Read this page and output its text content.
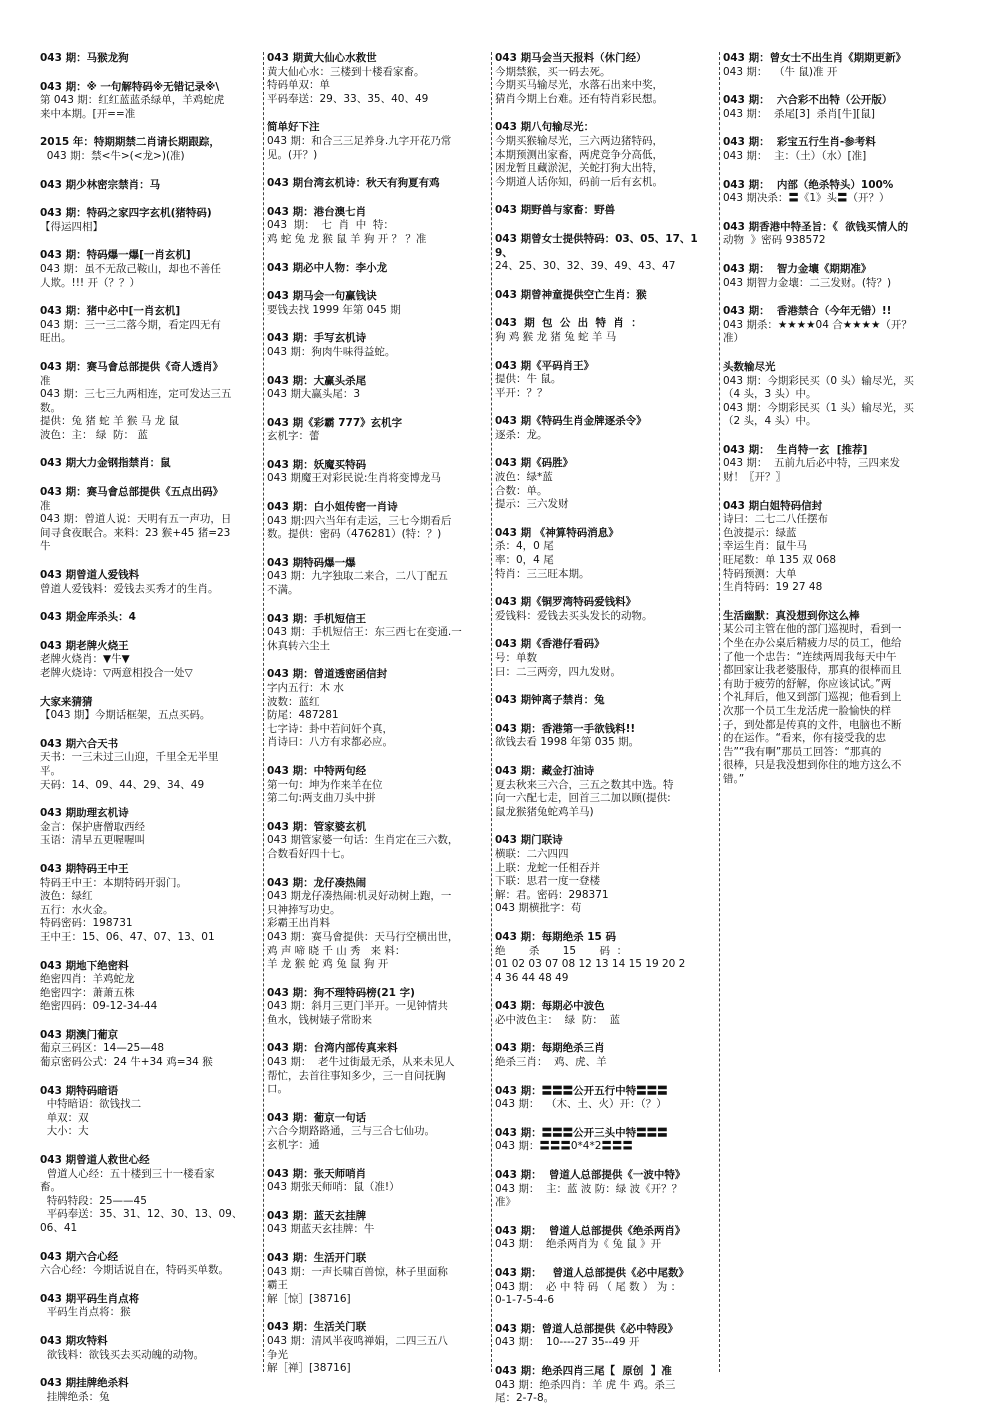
043 期：马猴龙狗
043 期：※ 一句解特码※无错记录※\
第 043 期：红红蓝蓝杀绿单，羊鸡蛇虎
来中本期。[开==准
2015 年：特期期禁二肖请长期跟踪，
043 期：禁<牛>(<龙>)(准)
043 期少林密宗禁肖：马
043 期：特码之家四字玄机(猪特码)
【得运四相】
043 期：特码爆一爆[一肖玄机]
043 期：虽不无敌己鞍山，却也不善任
人欺。!!! 开（？？）
043 期：猪中必中[一肖玄机]
043 期：三一三二落今期，看定四无有
旺出。
043 期：赛马會总部提供《奇人透肖》
准
043 期：三七三九两相连，定可发达三五
数。
提供：兔 猪 蛇 羊 猴 马 龙 鼠
波色：主： 绿  防： 蓝
043 期大力金钢指禁肖：鼠
043 期：赛马會总部提供《五点出码》
准
043 期：曾道人说：天明有五一声功，日
间寻食夜眠合。来料：23 猴+45 猪=23
牛
043 期曾道人爱钱料
曾道人爱钱料：爱钱去买秀才的生肖。
043 期金库杀头：4
043 期老牌火烧王
老牌火烧肖：▼牛▼
老牌火烧诗：▽两意相投合一处▽
大家来猜猜
【043 期】今期话框架，五点买码。
043 期六合天书
天书：一三未过三山迎，千里全无半里
平。
天码：14、09、44、29、34、49
043 期助理玄机诗
金言：保护唐僧取西经
玉语：清早五更喔喔叫
043 期特码王中王
特码王中王：本期特码开弱门。
波色：绿红
五行：水火金。
特码密码：198731
王中王：15、06、47、07、13、01
043 期地下绝密料
绝密四肖：羊鸡蛇龙
绝密四字：萧萧五株
绝密四码：09-12-34-44
043 期澳门葡京
葡京三码区：14—25—48
葡京密码公式：24 牛+34 鸡=34 猴
043 期特码暗语
中特暗语：欲钱找二
单双：双
大小：大
043 期曾道人救世心经
曾道人心经：五十楼到三十一楼看家
畜。
特码特段：25——45
平码奉送：35、31、12、30、13、09、
06、41
043 期六合心经
六合心经：今期话说自在，特码买单数。
043 期平码生肖点将
平码生肖点将：猴
043 期攻特料
欲钱料：欲钱买去买动魄的动物。
043 期挂牌绝杀料
挂牌绝杀：兔
043 期黄大仙心水救世
黄大仙心水：三楼到十楼看家畜。
特码单双：单
平码奉送：29、33、35、40、49
简单好下注
043 期：和合三三足养身.九字开花乃常
见。(开？)
043 期台湾玄机诗：秋天有狗夏有鸡
043 期：港台澳七肖
043  期：  七  肖  中  特：
鸡 蛇 兔 龙 猴 鼠 羊 狗 开 ？ ？准
043 期必中人物：李小龙
043 期马会一句赢钱诀
要钱去找 1999 年第 045 期
043 期：手写玄机诗
043 期：狗肉牛味得益蛇。
043 期：大赢头杀尾
043 期大赢头尾：3
043 期《彩霸 777》玄机字
玄机字：蕾
043 期：妖魔买特码
043 期魔王对彩民说:生肖将变博龙马
043 期：白小姐传密一肖诗
043 期:四六当年有走运，三七今期看后
数。提供：密码（476281）(特：？)
043 期特码爆一爆
043 期：九字独取二来合，二八丁配五
不满。
043 期：手机短信王
043 期：手机短信王：东三西七在变通.一
休真转六尘土
043 期：曾道透密函信封
字内五行：木 水
波数：蓝红
防尾：487281
七字诗：卦中若问奸个真，
肖诗曰：八方有求都必应。
043 期：中特两句经
第一句：坤为作来羊在位
第二句:两支曲刀头中拼
043 期：管家婆玄机
043 期管家婆一句话：生肖定在三六数，
合数看好四十七。
043 期：龙仔凑热闹
043 期龙仔凑热闹:机灵好动树上跑，一
只神捧写功史。
彩霸王出肖料
043 期：赛马會提供：天马行空横出世，
鸡 声 啼 晓 千 山 秀   来 料：
羊 龙 猴 蛇 鸡 兔 鼠 狗 开
043 期：狗不理特码榜(21 字)
043 期：斜月三更门半开。一见钟情共
鱼水，钱树婊子常盼来
043 期：台湾内部传真来料
043 期：  老牛过街最无杀，从来未见人
帮忙，去首往事知多少，三一自问抚胸
口。
043 期：葡京一句话
六合今期路路通，三与三合七仙功。
玄机字：通
043 期：张天师哨肖
043 期张天师哨：鼠（准!）
043 期：蓝天玄挂牌
043 期蓝天玄挂牌：牛
043 期：生活开门联
043 期：一声长啸百兽惊，林子里面称
霸王
解［惊］[38716]
043 期：生活关门联
043 期：清风半夜鸣禅娟，二四三五八
争光
解［禅］[38716]
043 期马会当天报料（休门经）
今期禁猴，买一码去死。
今期买马输尽光，水落石出来中奖，
猜肖今期上台难。还有特肖彩民想。
043 期八句输尽光：
今期买猴输尽光，三六两边猪特码，
本期预测出家畜，两虎竞争分高低，
困龙暂且藏淤泥，关蛇打狗大出特，
今期道人话你知，码前一后有玄机。
043 期野兽与家畜：野兽
043 期曾女士提供特码：03、05、17、19、
24、25、30、32、39、49、43、47
043 期曾神童提供空亡生肖：猴
043  期  包  公  出  特  肖  ：
狗 鸡 猴 龙 猪 兔 蛇 羊 马
043 期《平码肖王》
提供：牛 鼠。
平开：？？
043 期《特码生肖金牌逐杀令》
逐杀：龙。
043 期《码胜》
波色：绿*蓝
合数：单。
提示：三六发财
043 期 《神算特码消息》
杀：4，0 尾
率：0，4 尾
特肖：三三旺本期。
043 期《铜罗湾特码爱钱料》
爱钱料：爱钱去买头发长的动物。
043 期《香港仔看码》
号：单数
曰：二三两旁，四九发财。
043 期钟离子禁肖：兔
043 期：香港第一手欲钱料!!
欲钱去看 1998 年第 035 期。
043 期：藏金打油诗
夏去秋来三六合，三五之数其中选。特
向一六配七走，回首三二加以顾(提供:
鼠龙猴猪兔蛇鸡羊马)
043 期门联诗
横联：二六四四
上联：龙蛇一任相吞并
下联：思君一度一登楼
解：君。密码：298371
043 期横批字：苟
043 期：每期绝杀 15 码
绝       杀       15       码  ：
01 02 03 07 08 12 13 14 15 19 20 2
4 36 44 48 49
043 期：每期必中波色
必中波色主：  绿  防：  蓝
043 期：每期绝杀三肖
绝杀三肖：  鸡、虎、羊
043 期：〓〓〓公开五行中特〓〓〓
043 期：  （木、土、火）开：（？）
043 期：〓〓〓公开三头中特〓〓〓
043 期：〓〓〓0*4*2〓〓〓
043 期：  曾道人总部提供《一波中特》
043 期：  主：蓝 波 防：绿 波《开？？
准》
043 期：  曾道人总部提供《绝杀两肖》
043 期：  绝杀两肖为《 兔 鼠 》开
043 期：   曾道人总部提供《必中尾数》
043 期：  必 中 特 码 （ 尾 数 ） 为 ：
0-1-7-5-4-6
043 期：曾道人总部提供《必中特段》
043 期：  10----27 35--49 开
043 期：绝杀四肖三尾【  原创  】准
043 期：绝杀四肖：羊 虎 牛 鸡。杀三
尾：2-7-8。
043 期：曾女士不出生肖《期期更新》
043 期：  （牛 鼠)准 开
043 期：  六合彩不出特（公开版）
043 期：  杀尾[3]  杀肖[牛][鼠]
043 期：  彩宝五行生肖-参考料
043 期：  主：（土）（水）[准]
043 期：  内部（绝杀特头）100%
043 期决杀：〓《1》头〓（开？）
043 期香港中特圣旨：《  欲钱买情人的
动物  》密码 938572
043 期：  智力金壤《期期准》
043 期智力金壤：二三发财。(特？)
043 期：  香港禁合（今年无错）!!
043 期杀：★★★★04 合★★★★（开？
准）
头数输尽光
043 期：今期彩民买（0 头）输尽光，买
（4 头，3 头）中。
043 期：今期彩民买（1 头）输尽光，买
（2 头，4 头）中。
043 期：  生肖特一玄  [推荐]
043 期：  五前九后必中特，三四来发
财！〖开？〗
043 期白姐特码信封
诗曰：二七二八任摆布
色波提示：绿蓝
幸运生肖：鼠牛马
旺尾数：单 135 双 068
特码预测：大单
生肖特码：19 27 48
生活幽默：真没想到你这么棒
某公司主管在他的部门巡视时，看到一
个坐在办公桌后精疲力尽的员工，他给
了他一个忠告：“连续两周我每天中午
都回家让我老婆服侍，那真的很棒而且
有助于疲劳的舒解，你应该试试。”两
个礼拜后，他又到部门巡视；他看到上
次那一个员工生龙活虎一脸愉快的样
子，到处都是传真的文件，电脑也不断
的在运作。“看来，你有接受我的忠
告”“我有啊”那员工回答：“那真的
很棒，只是我没想到你住的地方这么不
错。”
